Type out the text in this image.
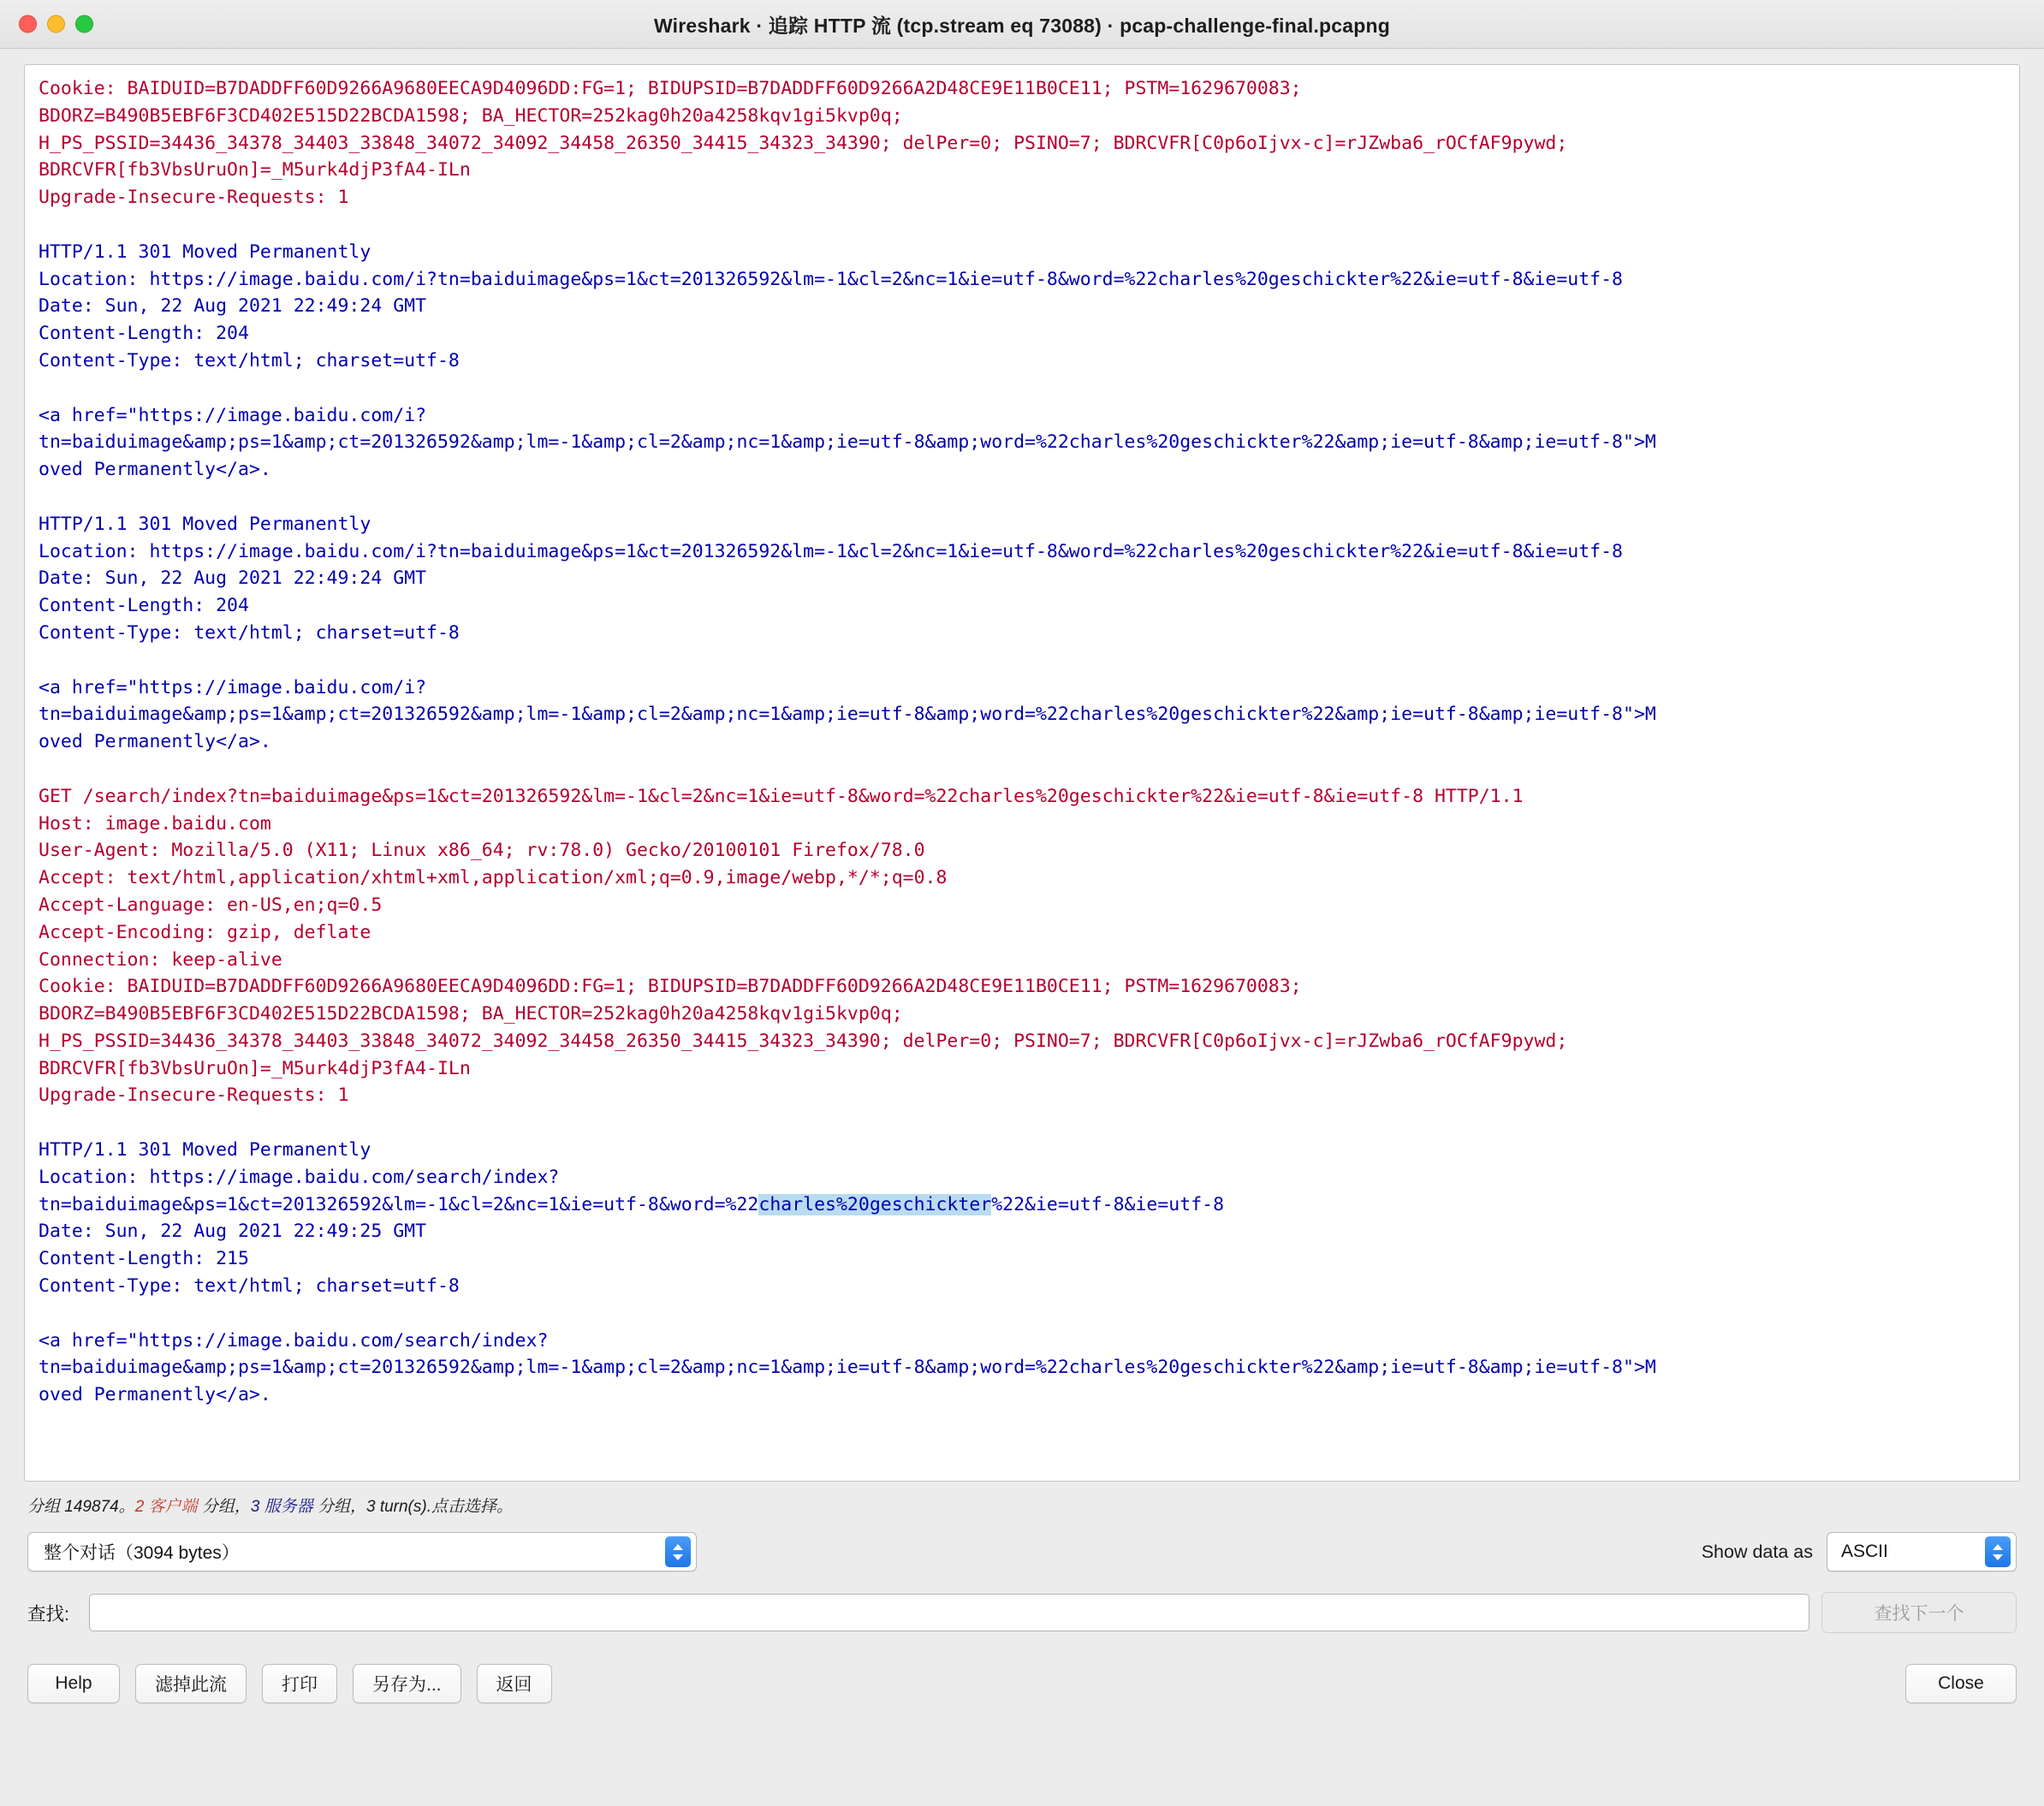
Wireshark · 追踪 HTTP 流 (tcp.stream eq 73088) · pcap-challenge-final.pcapng
Cookie: BAIDUID=B7DADDFF60D9266A9680EECA9D4096DD:FG=1; BIDUPSID=B7DADDFF60D9266A2D48CE9E11B0CE11; PSTM=1629670083;
BDORZ=B490B5EBF6F3CD402E515D22BCDA1598; BA_HECTOR=252kag0h20a4258kqv1gi5kvp0q;
H_PS_PSSID=34436_34378_34403_33848_34072_34092_34458_26350_34415_34323_34390; delPer=0; PSINO=7; BDRCVFR[C0p6oIjvx-c]=rJZwba6_rOCfAF9pywd;
BDRCVFR[fb3VbsUruOn]=_M5urk4djP3fA4-ILn
Upgrade-Insecure-Requests: 1

HTTP/1.1 301 Moved Permanently
Location: https://image.baidu.com/i?tn=baiduimage&ps=1&ct=201326592&lm=-1&cl=2&nc=1&ie=utf-8&word=%22charles%20geschickter%22&ie=utf-8&ie=utf-8
Date: Sun, 22 Aug 2021 22:49:24 GMT
Content-Length: 204
Content-Type: text/html; charset=utf-8

<a href="https://image.baidu.com/i?
tn=baiduimage&amp;ps=1&amp;ct=201326592&amp;lm=-1&amp;cl=2&amp;nc=1&amp;ie=utf-8&amp;word=%22charles%20geschickter%22&amp;ie=utf-8&amp;ie=utf-8">M
oved Permanently</a>.

HTTP/1.1 301 Moved Permanently
Location: https://image.baidu.com/i?tn=baiduimage&ps=1&ct=201326592&lm=-1&cl=2&nc=1&ie=utf-8&word=%22charles%20geschickter%22&ie=utf-8&ie=utf-8
Date: Sun, 22 Aug 2021 22:49:24 GMT
Content-Length: 204
Content-Type: text/html; charset=utf-8

<a href="https://image.baidu.com/i?
tn=baiduimage&amp;ps=1&amp;ct=201326592&amp;lm=-1&amp;cl=2&amp;nc=1&amp;ie=utf-8&amp;word=%22charles%20geschickter%22&amp;ie=utf-8&amp;ie=utf-8">M
oved Permanently</a>.

GET /search/index?tn=baiduimage&ps=1&ct=201326592&lm=-1&cl=2&nc=1&ie=utf-8&word=%22charles%20geschickter%22&ie=utf-8&ie=utf-8 HTTP/1.1
Host: image.baidu.com
User-Agent: Mozilla/5.0 (X11; Linux x86_64; rv:78.0) Gecko/20100101 Firefox/78.0
Accept: text/html,application/xhtml+xml,application/xml;q=0.9,image/webp,*/*;q=0.8
Accept-Language: en-US,en;q=0.5
Accept-Encoding: gzip, deflate
Connection: keep-alive
Cookie: BAIDUID=B7DADDFF60D9266A9680EECA9D4096DD:FG=1; BIDUPSID=B7DADDFF60D9266A2D48CE9E11B0CE11; PSTM=1629670083;
BDORZ=B490B5EBF6F3CD402E515D22BCDA1598; BA_HECTOR=252kag0h20a4258kqv1gi5kvp0q;
H_PS_PSSID=34436_34378_34403_33848_34072_34092_34458_26350_34415_34323_34390; delPer=0; PSINO=7; BDRCVFR[C0p6oIjvx-c]=rJZwba6_rOCfAF9pywd;
BDRCVFR[fb3VbsUruOn]=_M5urk4djP3fA4-ILn
Upgrade-Insecure-Requests: 1

HTTP/1.1 301 Moved Permanently
Location: https://image.baidu.com/search/index?
tn=baiduimage&ps=1&ct=201326592&lm=-1&cl=2&nc=1&ie=utf-8&word=%22charles%20geschickter%22&ie=utf-8&ie=utf-8
Date: Sun, 22 Aug 2021 22:49:25 GMT
Content-Length: 215
Content-Type: text/html; charset=utf-8

<a href="https://image.baidu.com/search/index?
tn=baiduimage&amp;ps=1&amp;ct=201326592&amp;lm=-1&amp;cl=2&amp;nc=1&amp;ie=utf-8&amp;word=%22charles%20geschickter%22&amp;ie=utf-8&amp;ie=utf-8">M
oved Permanently</a>.

分组 149874。2 客户端 分组，3 服务器 分组，3 turn(s).点击选择。
整个对话（3094 bytes）	Show data as	ASCII
查找:	查找下一个
Help	滤掉此流	打印	另存为...	返回	Close
